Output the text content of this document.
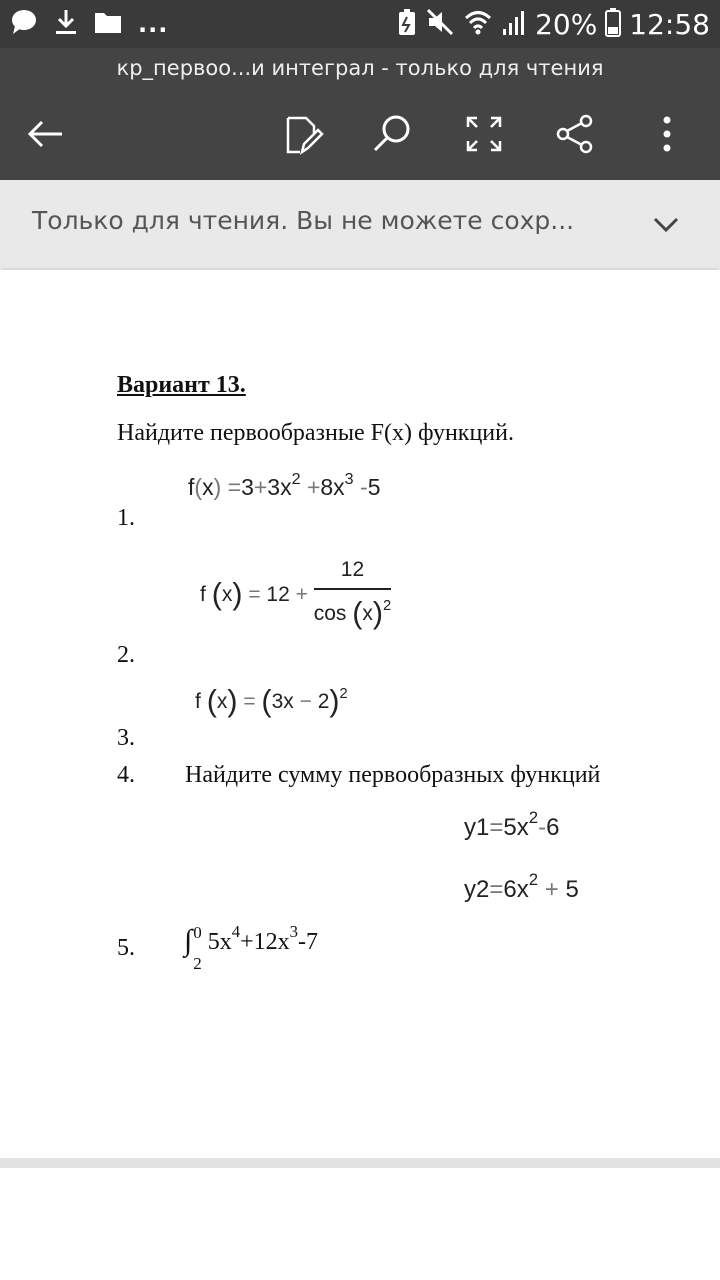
...	20% 12:58
кр_первоо...и интеграл - только для чтения
Только для чтения. Вы не можете сохр...
Вариант 13.
Найдите первообразные F(x) функций.
1.
$f(x) =3+3x^2 +8x^3$ -5
f $(x) = 12 + \frac{12}{\cos (x)^2}$
2.
f $(x) = (3x - 2)^2$
3.
4. Найдите сумму первообразных функций
$y1=5x^2-6$
$y2=6x^2 + 5$
5. ∫ 0
2
$5x^4+12x^3-7$
